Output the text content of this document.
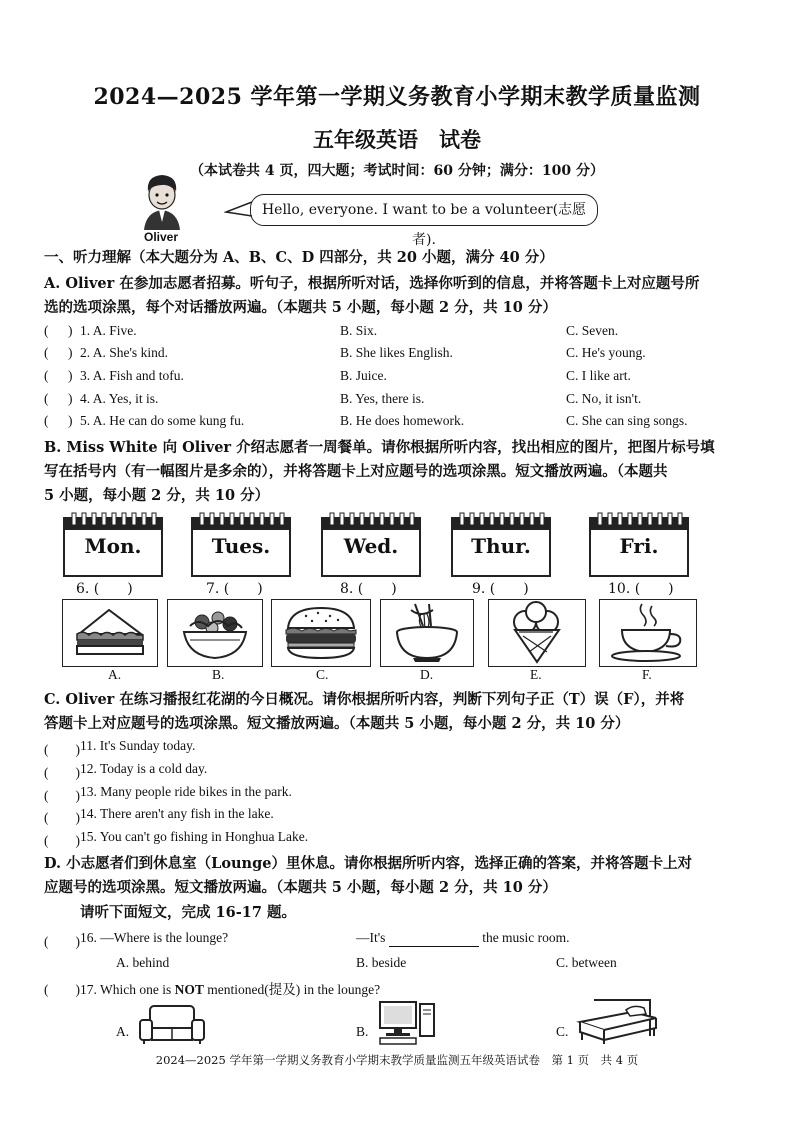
2024—2025 学年第一学期义务教育小学期末教学质量监测
五年级英语　试卷
（本试卷共 4 页，四大题；考试时间：60 分钟；满分：100 分）
Oliver
Hello, everyone. I want to be a volunteer(志愿者).
一、听力理解（本大题分为 A、B、C、D 四部分，共 20 小题，满分 40 分）
A. Oliver 在参加志愿者招募。听句子，根据所听对话，选择你听到的信息，并将答题卡上对应题号所
选的选项涂黑，每个对话播放两遍。（本题共 5 小题，每小题 2 分，共 10 分）
( 1. A. Five.	B. Six.	C. Seven.
( 2. A. She's kind.	B. She likes English.	C. He's young.
( 3. A. Fish and tofu.	B. Juice.	C. I like art.
( 4. A. Yes, it is.	B. Yes, there is.	C. No, it isn't.
( 5. A. He can do some kung fu.	B. He does homework.	C. She can sing songs.
)
)
)
)
)
B. Miss White 向 Oliver 介绍志愿者一周餐单。请你根据所听内容，找出相应的图片，把图片标号填
写在括号内（有一幅图片是多余的），并将答题卡上对应题号的选项涂黑。短文播放两遍。（本题共
5 小题，每小题 2 分，共 10 分）
Mon.	Tues.	Wed.	Thur.	Fri.
6. (　　)	7. (　　)	8. (　　)	9. (　　)	10. (　　)
A.	B.	C.	D.	E.	F.
C. Oliver 在练习播报红花湖的今日概况。请你根据所听内容，判断下列句子正（T）误（F），并将
答题卡上对应题号的选项涂黑。短文播放两遍。（本题共 5 小题，每小题 2 分，共 10 分）
(　　) 11. It's Sunday today.
(　　) 12. Today is a cold day.
(　　) 13. Many people ride bikes in the park.
(　　) 14. There aren't any fish in the lake.
(　　) 15. You can't go fishing in Honghua Lake.
D. 小志愿者们到休息室（Lounge）里休息。请你根据所听内容，选择正确的答案，并将答题卡上对
应题号的选项涂黑。短文播放两遍。（本题共 5 小题，每小题 2 分，共 10 分）
请听下面短文，完成 16-17 题。
(　　) 16. —Where is the lounge?	—It's	the music room.
A. behind	B. beside	C. between
(　　) 17. Which one is NOT mentioned(提及) in the lounge?
A.	B.	C.
2024—2025 学年第一学期义务教育小学期末教学质量监测五年级英语试卷　第 1 页　共 4 页
